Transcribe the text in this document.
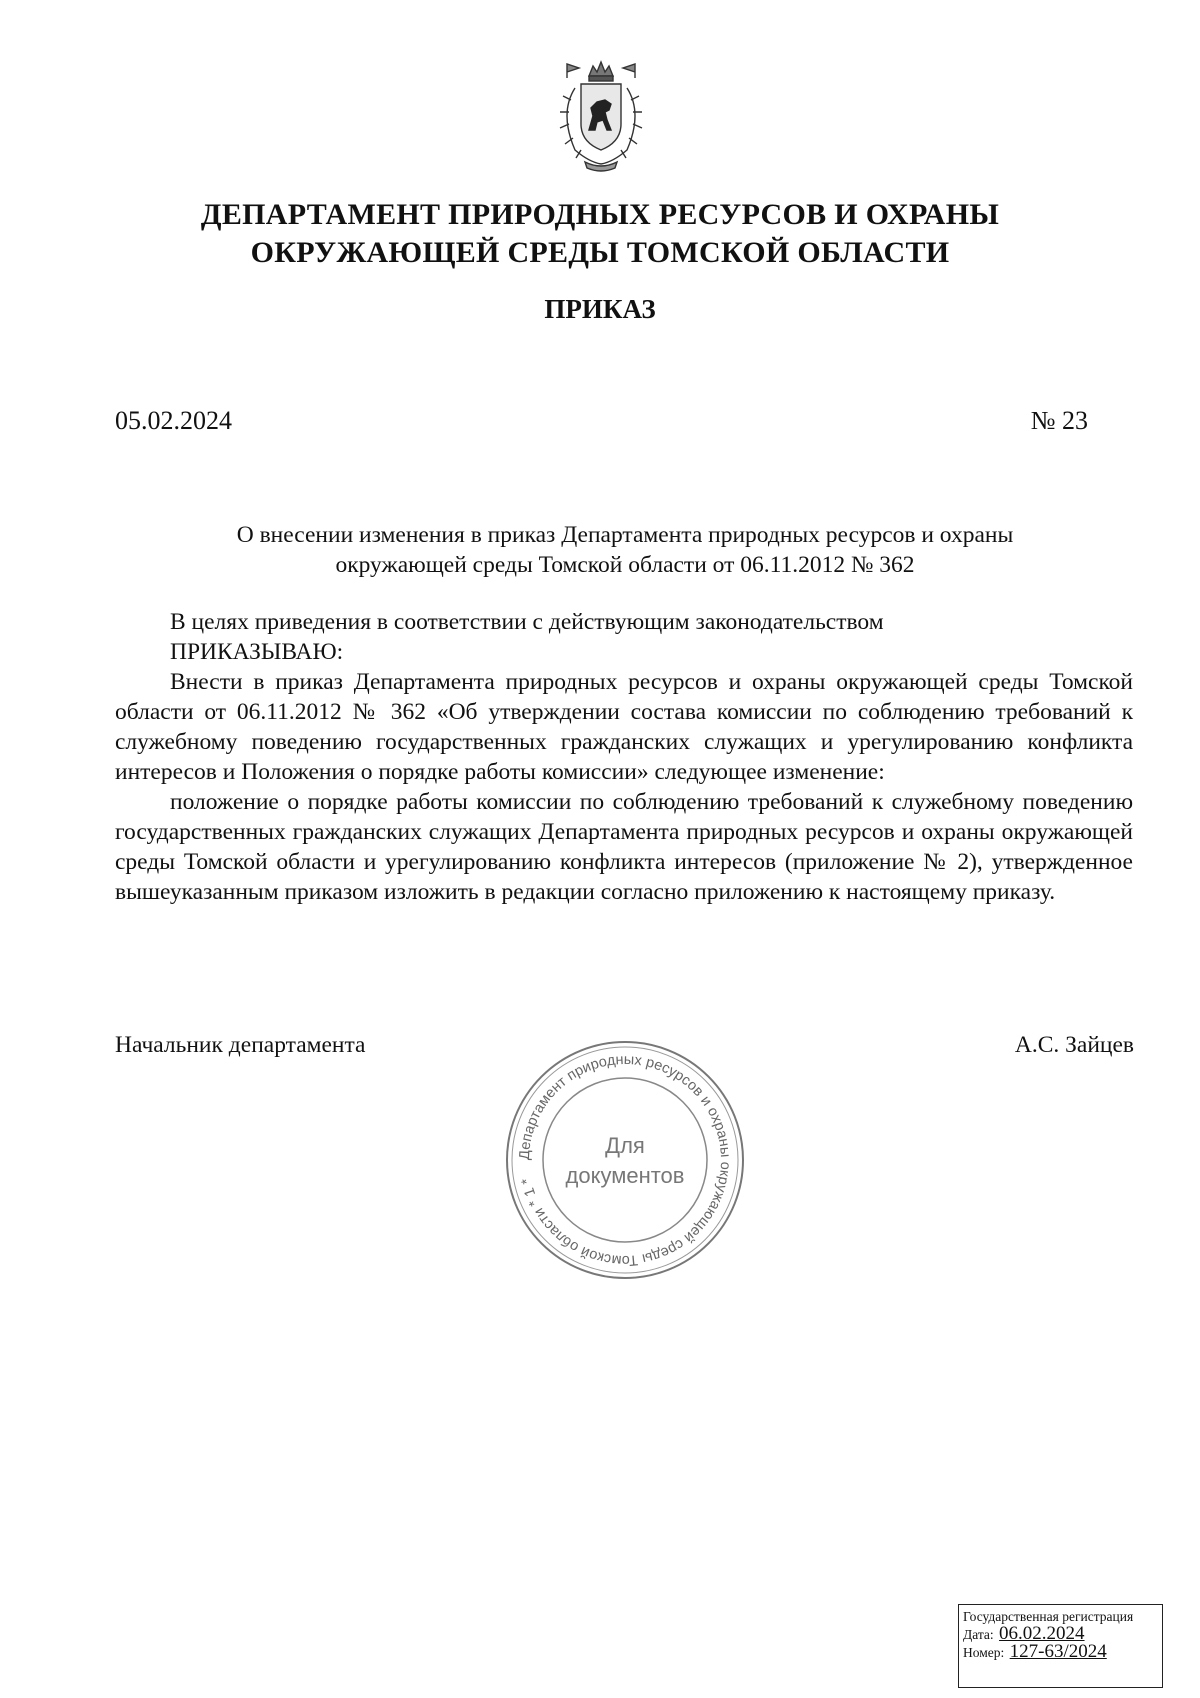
ДЕПАРТАМЕНТ ПРИРОДНЫХ РЕСУРСОВ И ОХРАНЫ
ОКРУЖАЮЩЕЙ СРЕДЫ ТОМСКОЙ ОБЛАСТИ
ПРИКАЗ
05.02.2024	№ 23
О внесении изменения в приказ Департамента природных ресурсов и охраны
окружающей среды Томской области от 06.11.2012 № 362

В целях приведения в соответствии с действующим законодательством

ПРИКАЗЫВАЮ:

Внести в приказ Департамента природных ресурсов и охраны окружающей среды Томской области от 06.11.2012 № 362 «Об утверждении состава комиссии по соблюдению требований к служебному поведению государственных гражданских служащих и урегулированию конфликта интересов и Положения о порядке работы комиссии» следующее изменение:

положение о порядке работы комиссии по соблюдению требований к служебному поведению государственных гражданских служащих Департамента природных ресурсов и охраны окружающей среды Томской области и урегулированию конфликта интересов (приложение № 2), утвержденное вышеуказанным приказом изложить в редакции согласно приложению к настоящему приказу.

Начальник департамента	А.С. Зайцев
Департамент природных ресурсов и охраны окружающей среды Томской области * 1 *
Для
документов
Государственная регистрация
Дата: 06.02.2024
Номер: 127-63/2024
